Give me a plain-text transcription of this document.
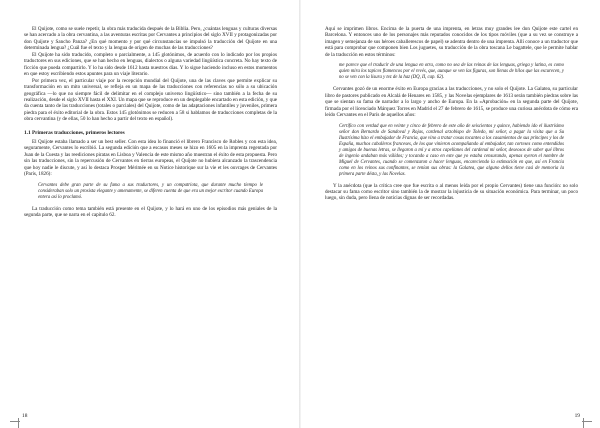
El Quijote, como se suele repetir, la obra más traducida después de la Biblia. Pero, ¿cuántas lenguas y culturas diversas se han acercado a la obra cervantina, a las aventuras escritas por Cervantes a principios del siglo XVII y protagonizadas por don Quijote y Sancho Panza? ¿En qué momento y por qué circunstancias se impulsó la traducción del Quijote en una determinada lengua? ¿Cuál fue el texto y la lengua de origen de muchas de las traducciones?

El Quijote ha sido traducido, completo o parcialmente, a 145 glotónimos, de acuerdo con lo indicado por los propios traductores en sus ediciones, que se han hecho en lenguas, dialectos o alguna variedad lingüística concreta. No hay texto de ficción que pueda compartirlo. Y lo ha sido desde 1612 hasta nuestros días. Y lo sigue haciendo incluso en estos momentos en que estoy escribiendo estos apuntes para un viaje literario.

Por primera vez, el particular viaje por la recepción mundial del Quijote, una de las claves que permite explicar su transformación en un mito universal, se refleja en un mapa de las traducciones con referencias no sólo a su ubicación geográfica —lo que no siempre fácil de delimitar en el complejo universo lingüístico— sino también a la fecha de su realización, desde el siglo XVII hasta el XXI. Un mapa que se reproduce en un desplegable encartado en esta edición, y que da cuenta tanto de las traducciones (totales o parciales) del Quijote, como de las adaptaciones infantiles y juveniles, primera piedra para el éxito editorial de la obra. Estos 145 glotónimos se reducen a 58 si hablamos de traducciones completas de la obra cervantina (y de ellas, 50 lo han hecho a partir del texto en español).

1.1 Primeras traducciones, primeros lectores

El Quijote estaba llamado a ser un best seller. Con esta idea lo financió el librero Francisco de Robles y con esta idea, seguramente, Cervantes lo escribió. La segunda edición que a escasos meses se hizo en 1605 en la imprenta regentada por Juan de la Cuesta y las reediciones piratas en Lisboa y Valencia de este mismo año muestran el éxito de esta propuesta. Pero sin las traducciones, sin la repercusión de Cervantes en tierras europeas, el Quijote no hubiera alcanzado la trascendencia que hoy nadie le discute, y así lo destaca Prosper Mérimée en su Notice historique sur la vie et les ouvrages de Cervantes (París, 1826):

Cervantes debe gran parte de su fama a sus traductores, y un compatriota, que durante mucho tiempo le consideraban solo un prosista elegante y amenamente, se diferen cuenta de que era un mejor escritor cuando Europa entera así lo proclamó.

La traducción como tema también está presente en el Quijote, y lo hará en uno de los episodios más geniales de la segunda parte, que se narra en el capítulo 62.

18

Aquí se imprimen libros. Encima de la puerta de una imprenta, en letras muy grandes lee don Quijote este cartel en Barcelona. Y entonces uno de los personajes más reputados conocidos de los tipos móviles (que a su vez se construye a imagen y semejanza de sus héroes caballerescos de papel) se adentra dentro de una imprenta. Allí conoce a un traductor que está para comprobar que componen bien Los juguetes, su traducción de la obra toscana Le bagattele, que le permite hablar de la traducción en estos términos:

me parece que el traducir de una lengua en otra, como no sea de las reinas de las lenguas, griega y latina, es como quien mira los tapices flamencos por el revés, que, aunque se ven las figuras, son llenas de hilos que las escurecen, y no se ven con la lisura y tez de la haz (DQ, II, cap. 62).

Cervantes gozó de un enorme éxito en Europa gracias a las traducciones, y no solo el Quijote. La Galatea, su particular libro de pastores publicado en Alcalá de Henares en 1585, y las Novelas ejemplares de 1613 serán también piedras sobre las que se sientan su fama de narrador a lo largo y ancho de Europa. En la «Aprobación» en la segunda parte del Quijote, firmada por el licenciado Márquez Torres en Madrid el 27 de febrero de 1615, se produce una curiosa anécdota de cómo era leído Cervantes en el París de aquellos años:

Certifico con verdad que en veinte y cinco de febrero de este año de seiscientos y quince, habiendo ido el ilustrísimo señor don Bernardo de Sandoval y Rojas, cardenal arzobispo de Toledo, mi señor, a pagar la visita que a Su Ilustrísima hizo el embajador de Francia, que vino a tratar cosas tocantes a los casamientos de sus príncipes y los de España, muchos caballeros franceses, de los que vinieron acompañando al embajador, tan corteses como entendidos y amigos de buenas letras, se llegaron a mí y a otros capellanes del cardenal mi señor, deseosos de saber qué libros de ingenio andaban más válidos; y tocando a caso en este que yo estaba censurando, apenas oyeron el nombre de Miguel de Cervantes, cuando se comenzaron a hacer lenguas, encareciendo la estimación en que, así en Francia como en los reinos sus confinantes, se tenían sus obras: la Galatea, que alguno dellos tiene casi de memoria la primera parte désta, y las Novelas.

Y la anécdota (que la crítica cree que fue escrita o al menos leída por el propio Cervantes) tiene una función: no solo destacar su fama como escritor sino también la de mostrar la injusticia de su situación económica. Para terminar, un poco luego, sin duda, pero llena de noticias dignas de ser recordadas.

19
